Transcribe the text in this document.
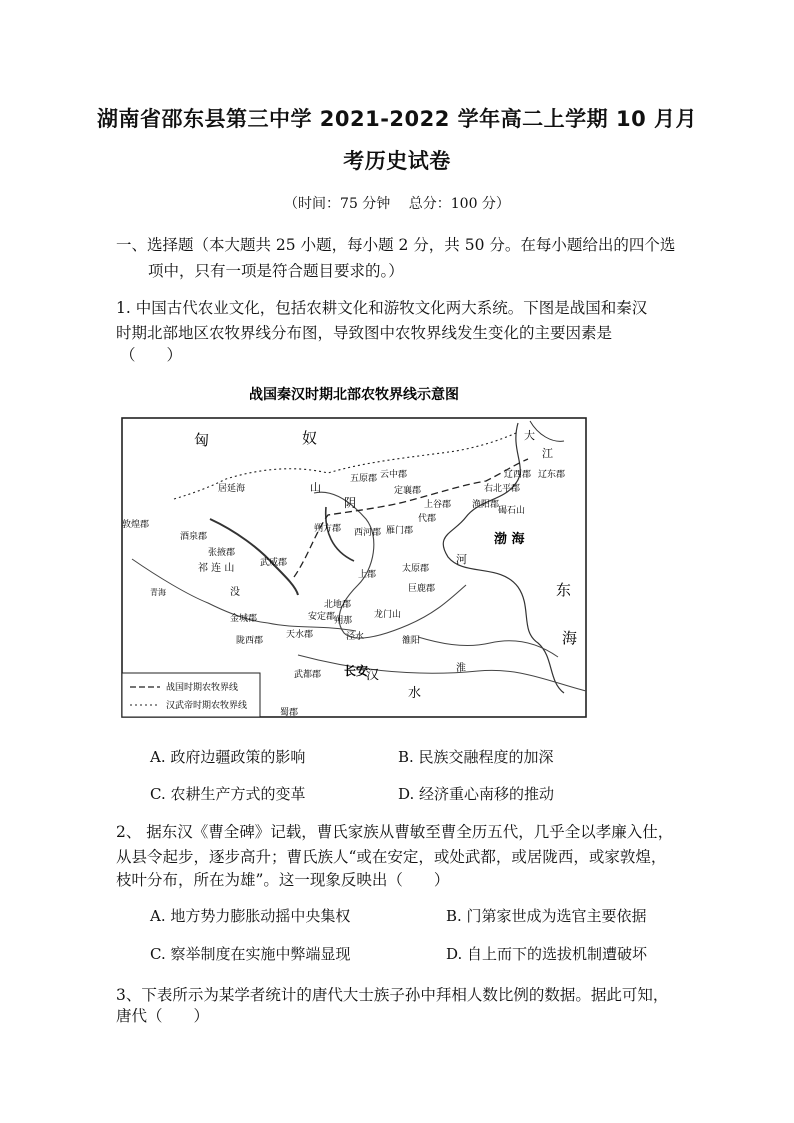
湖南省邵东县第三中学 2021-2022 学年高二上学期 10 月月
考历史试卷
（时间：75 分钟　 总分：100 分）
一、选择题（本大题共 25 小题，每小题 2 分，共 50 分。在每小题给出的四个选
项中，只有一项是符合题目要求的。）
1. 中国古代农业文化，包括农耕文化和游牧文化两大系统。下图是战国和秦汉
时期北部地区农牧界线分布图，导致图中农牧界线发生变化的主要因素是
（　　）
战国秦汉时期北部农牧界线示意图
匈	奴	大
江
居延海
敦煌郡
酒泉郡
张掖郡
武威郡
祁 连 山
没
金城郡
青海
陇西郡
天水郡
安定郡
武都郡 长安
朔方郡
五原郡 云中郡
定襄郡
雁门郡
代郡
上谷郡 渔阳郡
右北平郡
辽西郡 辽东郡
碣石山
渤 海
东
海
太原郡
巨鹿郡
西河郡
北地郡
上郡
朔那
龙门山
雒阳
蜀郡
淮
汉
水
河
阴
山
泾水
战国时期农牧界线
汉武帝时期农牧界线
A. 政府边疆政策的影响	B. 民族交融程度的加深
C. 农耕生产方式的变革	D. 经济重心南移的推动
2、 据东汉《曹全碑》记载，曹氏家族从曹敏至曹全历五代，几乎全以孝廉入仕，
从县令起步，逐步高升；曹氏族人“或在安定，或处武都，或居陇西，或家敦煌，
枝叶分布，所在为雄”。这一现象反映出（　　）
A. 地方势力膨胀动摇中央集权	B. 门第家世成为选官主要依据
C. 察举制度在实施中弊端显现	D. 自上而下的选拔机制遭破坏
3、下表所示为某学者统计的唐代大士族子孙中拜相人数比例的数据。据此可知，
唐代（　　）
